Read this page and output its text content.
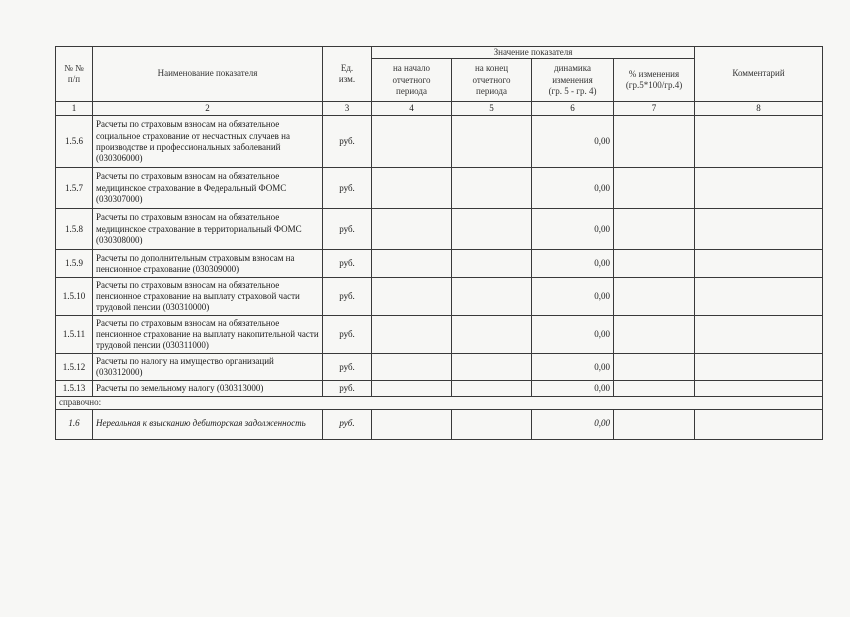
№ №
п/п	Наименование показателя	Ед.
изм.	Значение показателя				Комментарий
			на начало
отчетного
периода	на конец
отчетного
периода	динамика
изменения
(гр. 5 - гр. 4)	% изменения
(гр.5*100/гр.4)	
1	2	3	4	5	6	7	8
1.5.6	Расчеты по страховым взносам на обязательное социальное страхование от несчастных случаев на производстве и профессиональных заболеваний (030306000)	руб.			0,00		
1.5.7	Расчеты по страховым взносам на обязательное медицинское страхование в Федеральный ФОМС (030307000)	руб.			0,00		
1.5.8	Расчеты по страховым взносам на обязательное медицинское страхование в территориальный ФОМС (030308000)	руб.			0,00		
1.5.9	Расчеты по дополнительным страховым взносам на пенсионное страхование (030309000)	руб.			0,00		
1.5.10	Расчеты по страховым взносам на обязательное пенсионное страхование на выплату страховой части трудовой пенсии (030310000)	руб.			0,00		
1.5.11	Расчеты по страховым взносам на обязательное пенсионное страхование на выплату накопительной части трудовой пенсии (030311000)	руб.			0,00		
1.5.12	Расчеты по налогу на имущество организаций (030312000)	руб.			0,00		
1.5.13	Расчеты по земельному налогу (030313000)	руб.			0,00		
справочно:							
1.6	Нереальная к взысканию дебиторская задолженность	руб.			0,00		
